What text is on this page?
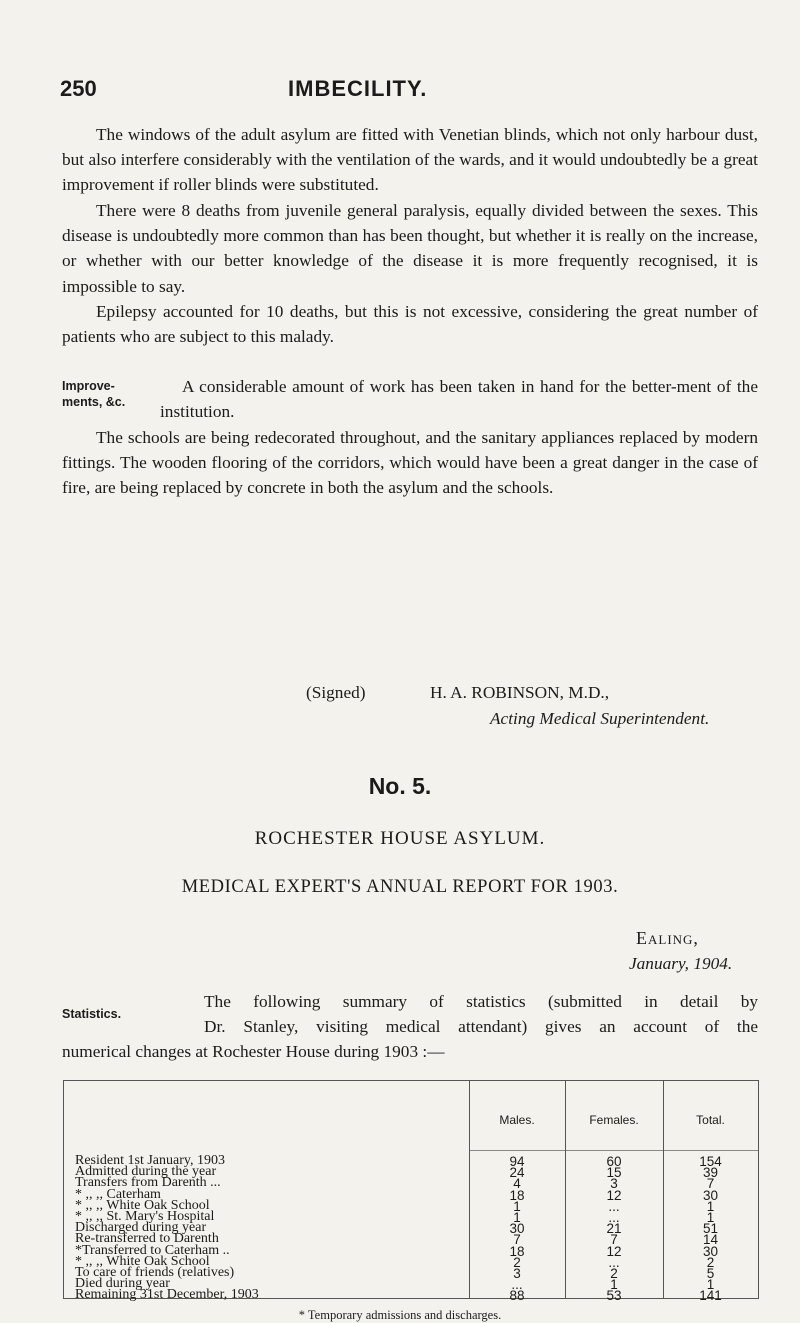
250	IMBECILITY.
The windows of the adult asylum are fitted with Venetian blinds, which not only harbour dust, but also interfere considerably with the ventilation of the wards, and it would undoubtedly be a great improvement if roller blinds were substituted.
There were 8 deaths from juvenile general paralysis, equally divided between the sexes. This disease is undoubtedly more common than has been thought, but whether it is really on the increase, or whether with our better knowledge of the disease it is more frequently recognised, it is impossible to say.
Epilepsy accounted for 10 deaths, but this is not excessive, considering the great number of patients who are subject to this malady.
Improve-ments, &c.
A considerable amount of work has been taken in hand for the better-ment of the institution.
The schools are being redecorated throughout, and the sanitary appliances replaced by modern fittings. The wooden flooring of the corridors, which would have been a great danger in the case of fire, are being replaced by concrete in both the asylum and the schools.
(Signed)	H. A. ROBINSON, M.D.,
Acting Medical Superintendent.
No. 5.
ROCHESTER HOUSE ASYLUM.
MEDICAL EXPERT'S ANNUAL REPORT FOR 1903.
Ealing,
January, 1904.
Statistics.
The following summary of statistics (submitted in detail by
Dr. Stanley, visiting medical attendant) gives an account of the
numerical changes at Rochester House during 1903 :—
Males.	Females.	Total.
Resident 1st January, 1903	94	60	154
Admitted during the year	24	15	39
Transfers from Darenth ...	4	3	7
* ,, ,, Caterham	18	12	30
* ,, ,, White Oak School	1	...	1
* ,, ,, St. Mary's Hospital	1	...	1
Discharged during year	30	21	51
Re-transferred to Darenth	7	7	14
*Transferred to Caterham ..	18	12	30
* ,, ,, White Oak School	2	...	2
To care of friends (relatives)	3	2	5
Died during year	...	1	1
Remaining 31st December, 1903	88	53	141
* Temporary admissions and discharges.
